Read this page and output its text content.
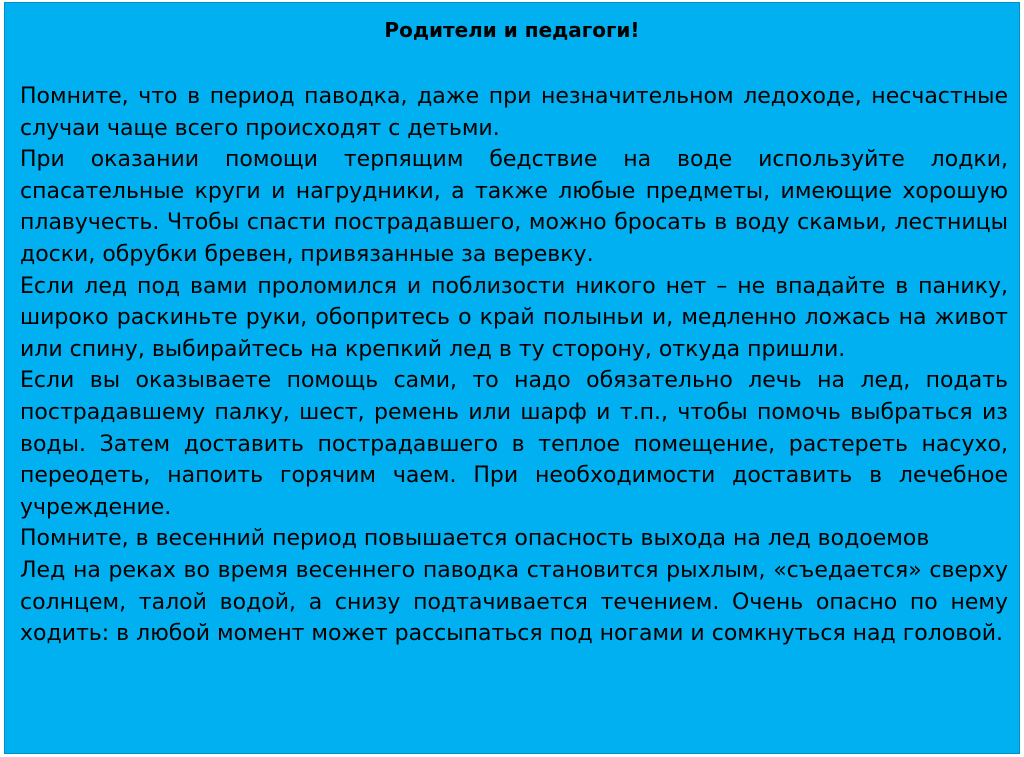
Родители и педагоги!

Помните, что в период паводка, даже при незначительном ледоходе, несчастные случаи чаще всего происходят с детьми.

При оказании помощи терпящим бедствие на воде используйте лодки, спасательные круги и нагрудники, а также любые предметы, имеющие хорошую плавучесть. Чтобы спасти пострадавшего, можно бросать в воду скамьи, лестницы доски, обрубки бревен, привязанные за веревку.

Если лед под вами проломился и поблизости никого нет – не впадайте в панику, широко раскиньте руки, обопритесь о край полыньи и, медленно ложась на живот или спину, выбирайтесь на крепкий лед в ту сторону, откуда пришли.

Если вы оказываете помощь сами, то надо обязательно лечь на лед, подать пострадавшему палку, шест, ремень или шарф и т.п., чтобы помочь выбраться из воды. Затем доставить пострадавшего в теплое помещение, растереть насухо, переодеть, напоить горячим чаем. При необходимости доставить в лечебное учреждение.

Помните, в весенний период повышается опасность выхода на лед водоемов

Лед на реках во время весеннего паводка становится рыхлым, «съедается» сверху солнцем, талой водой, а снизу подтачивается течением. Очень опасно по нему ходить: в любой момент может рассыпаться под ногами и сомкнуться над головой.
